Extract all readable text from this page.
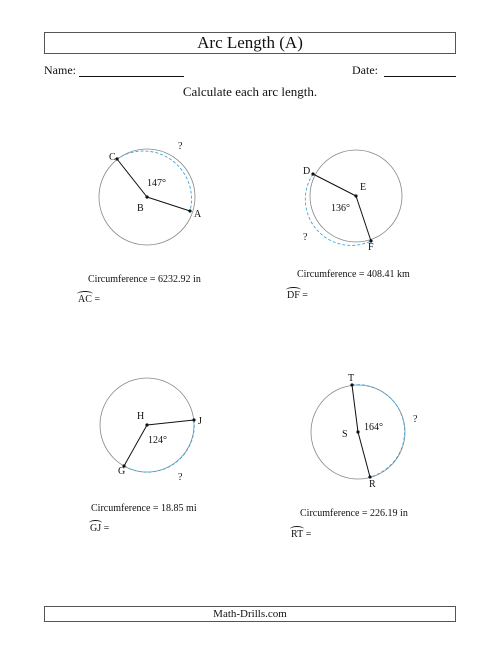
Arc Length (A)
Name:	Date:
Calculate each arc length.
B
C
A
147°
?
Circumference = 6232.92 in
AC =
E
D
F
136°
?
Circumference = 408.41 km
DF =
H	J
G
124°
?
Circumference = 18.85 mi
GJ =
S
T
R
164°
?
Circumference = 226.19 in
RT =
Math-Drills.com
